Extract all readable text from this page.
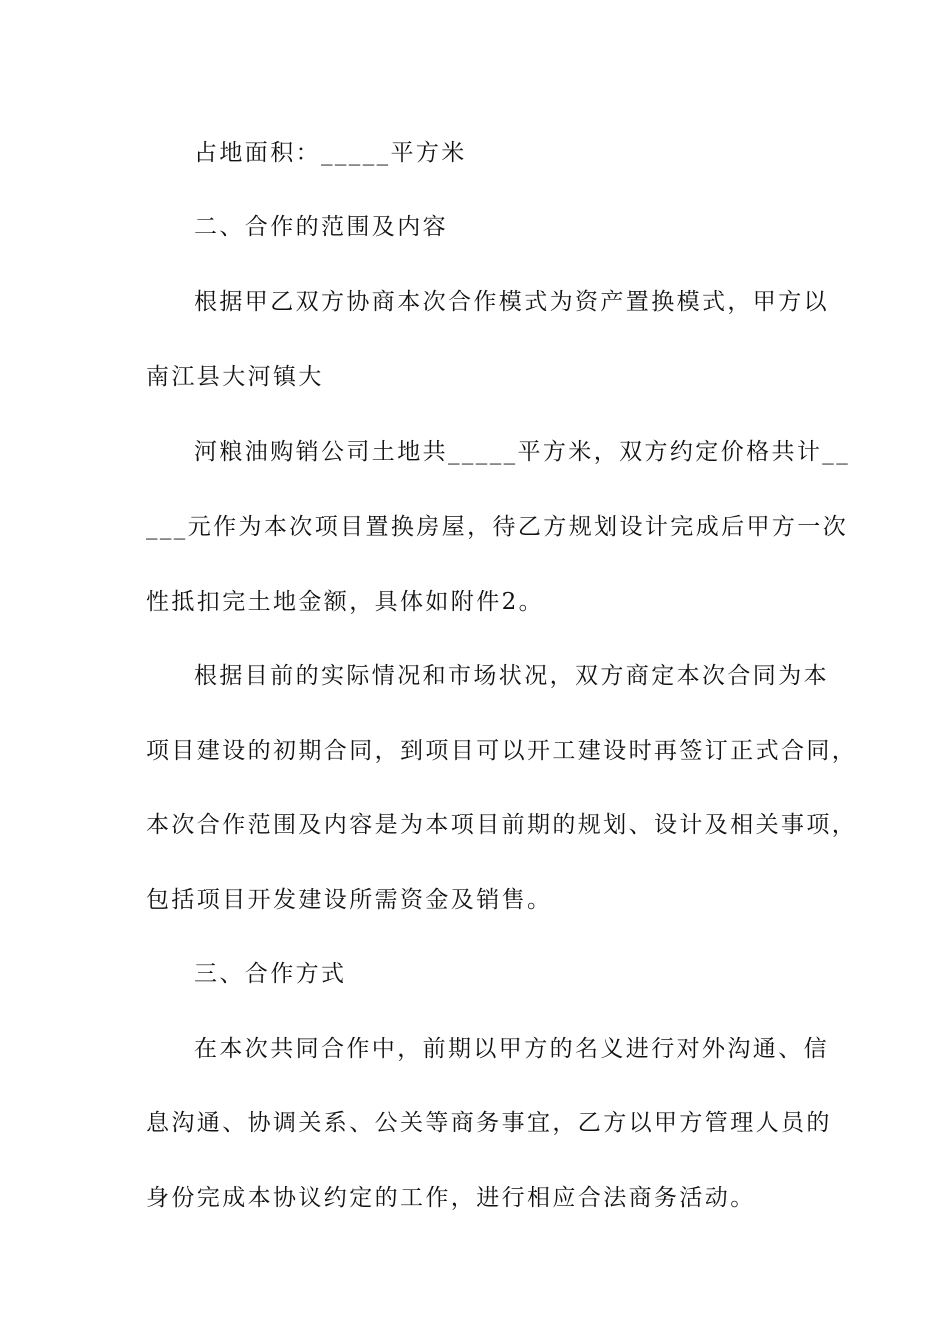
占地面积：_____平方米
二、合作的范围及内容
根据甲乙双方协商本次合作模式为资产置换模式，甲方以
南江县大河镇大
河粮油购销公司土地共_____平方米，双方约定价格共计__
___元作为本次项目置换房屋，待乙方规划设计完成后甲方一次
性抵扣完土地金额，具体如附件2。
根据目前的实际情况和市场状况，双方商定本次合同为本
项目建设的初期合同，到项目可以开工建设时再签订正式合同，
本次合作范围及内容是为本项目前期的规划、设计及相关事项，
包括项目开发建设所需资金及销售。
三、合作方式
在本次共同合作中，前期以甲方的名义进行对外沟通、信
息沟通、协调关系、公关等商务事宜，乙方以甲方管理人员的
身份完成本协议约定的工作，进行相应合法商务活动。
